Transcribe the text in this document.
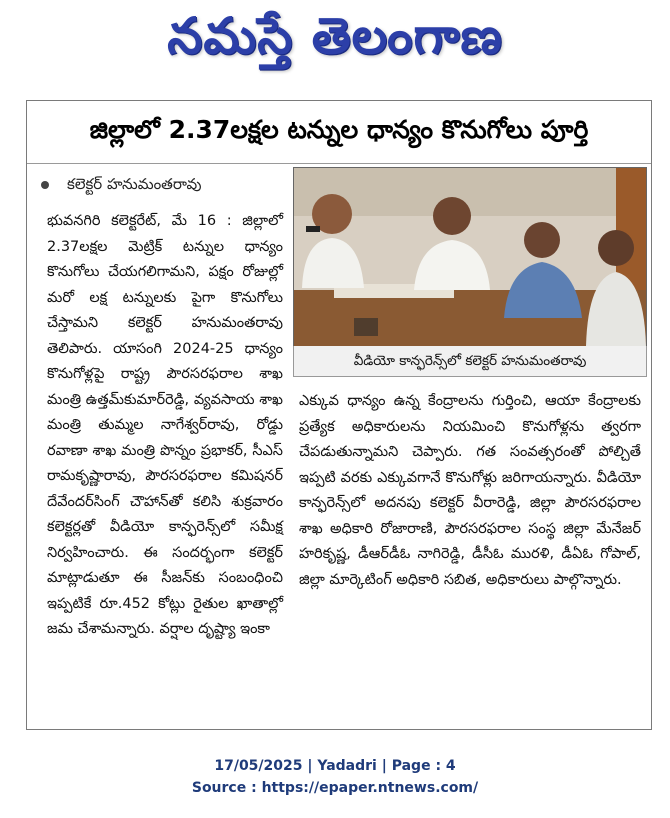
నమస్తే తెలంగాణ
జిల్లాలో 2.37లక్షల టన్నుల ధాన్యం కొనుగోలు పూర్తి
కలెక్టర్‌ హనుమంతరావు
భువనగిరి కలెక్టరేట్‌, మే 16 : జిల్లాలో 2.37లక్షల మెట్రిక్‌ టన్నుల ధాన్యం కొనుగోలు చేయగలిగామని, పక్షం రోజుల్లో మరో లక్ష టన్నులకు పైగా కొనుగోలు చేస్తామని కలెక్టర్‌ హనుమంతరావు తెలిపారు. యాసంగి 2024-25 ధాన్యం కొనుగోళ్లపై రాష్ట్ర పౌరసరఫరాల శాఖ మంత్రి ఉత్తమ్‌కుమార్‌రెడ్డి, వ్యవసాయ శాఖ మంత్రి తుమ్మల నాగేశ్వర్‌రావు, రోడ్డు రవాణా శాఖ మంత్రి పొన్నం ప్రభాకర్‌, సీఎస్‌ రామకృష్ణారావు, పౌరసరఫరాల కమిషనర్‌ దేవేందర్‌సింగ్‌ చౌహాన్‌తో కలిసి శుక్రవారం కలెక్టర్లతో వీడియో కాన్ఫరెన్స్‌లో సమీక్ష నిర్వహించారు. ఈ సందర్భంగా కలెక్టర్‌ మాట్లాడుతూ ఈ సీజన్‌కు సంబంధించి ఇప్పటికే రూ.452 కోట్లు రైతుల ఖాతాల్లో జమ చేశామన్నారు. వర్షాల దృష్ట్యా ఇంకా
వీడియో కాన్ఫరెన్స్‌లో కలెక్టర్‌ హనుమంతరావు
ఎక్కువ ధాన్యం ఉన్న కేంద్రాలను గుర్తించి, ఆయా కేంద్రాలకు ప్రత్యేక అధికారులను నియమించి కొనుగోళ్లను త్వరగా చేపడుతున్నామని చెప్పారు. గత సంవత్సరంతో పోల్చితే ఇప్పటి వరకు ఎక్కువగానే కొనుగోళ్లు జరిగాయన్నారు. వీడియో కాన్ఫరెన్స్‌లో అదనపు కలెక్టర్‌ వీరారెడ్డి, జిల్లా పౌరసరఫరాల శాఖ అధికారి రోజారాణి, పౌరసరఫరాల సంస్థ జిల్లా మేనేజర్‌ హరికృష్ణ, డీఆర్‌డీఓ నాగిరెడ్డి, డీసీఓ మురళి, డీఏఓ గోపాల్‌, జిల్లా మార్కెటింగ్‌ అధికారి సబిత, అధికారులు పాల్గొన్నారు.
17/05/2025 | Yadadri | Page : 4
Source : https://epaper.ntnews.com/
